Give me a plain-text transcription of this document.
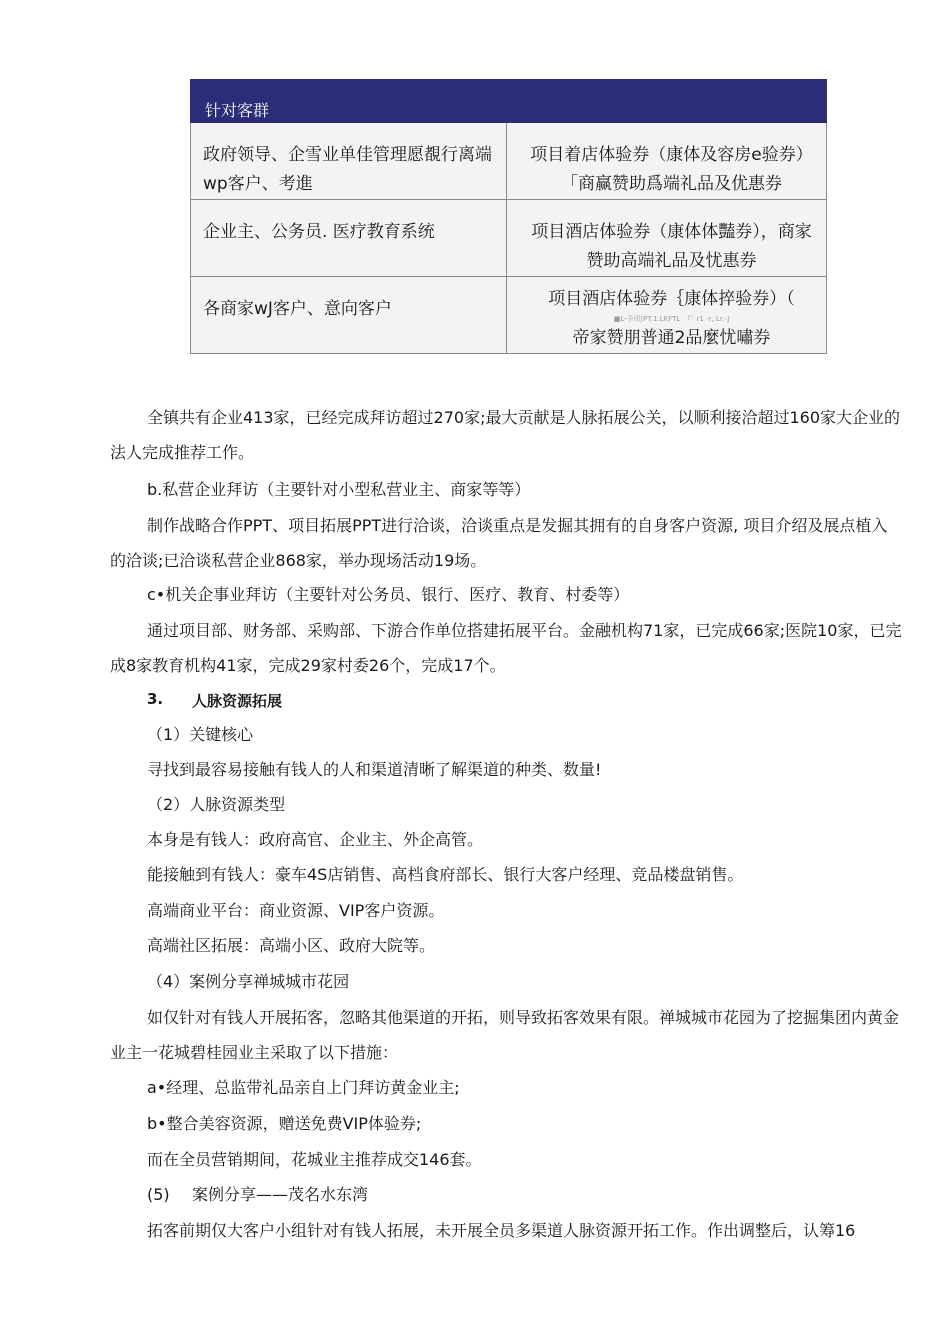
针对客群	

政府领导、企雪业单佳管理愿覩行离端wp客户、考進	项目着店体验券（康体及容房e验券）「商赢赞助爲端礼品及优惠券
企业主、公务员. 医疗教育系统	项目酒店体验券（康体体豔券），商家赞助高端礼品及忧惠券
各商家wJ客户、意向客户	项目酒店体验券｛康体捽验券）（
■L-予印|PT:1.LKFTL　『「 r1 -r,.Lr.-J
帝家赞朋普通2品麼忧嘯券
全镇共有企业413家，已经完成拜访超过270家;最大贡献是人脉拓展公关，以顺利接洽超过160家大企业的法人完成推荐工作。
b.私营企业拜访（主要针对小型私营业主、商家等等）
制作战略合作PPT、项目拓展PPT进行洽谈，洽谈重点是发掘其拥有的自身客户资源, 项目介绍及展点植入的洽谈;已洽谈私营企业868家，举办现场活动19场。
c•机关企事业拜访（主要针对公务员、银行、医疗、教育、村委等）
通过项目部、财务部、采购部、下游合作单位搭建拓展平台。金融机构71家，已完成66家;医院10家，已完成8家教育机构41家，完成29家村委26个，完成17个。
3. 人脉资源拓展
（1）关键核心
寻找到最容易接触有钱人的人和渠道清晰了解渠道的种类、数量!
（2）人脉资源类型
本身是有钱人：政府高官、企业主、外企高管。
能接触到有钱人：豪车4S店销售、高档食府部长、银行大客户经理、竞品楼盘销售。
高端商业平台：商业资源、VIP客户资源。
高端社区拓展：高端小区、政府大院等。
（4）案例分享禅城城市花园
如仅针对有钱人开展拓客，忽略其他渠道的开拓，则导致拓客效果有限。禅城城市花园为了挖掘集团内黄金业主一花城碧桂园业主采取了以下措施：
a•经理、总监带礼品亲自上门拜访黄金业主;
b•整合美容资源，赠送免费VIP体验券;
而在全员营销期间，花城业主推荐成交146套。
(5) 案例分享——茂名水东湾
拓客前期仅大客户小组针对有钱人拓展，未开展全员多渠道人脉资源开拓工作。作出调整后，认筹16
